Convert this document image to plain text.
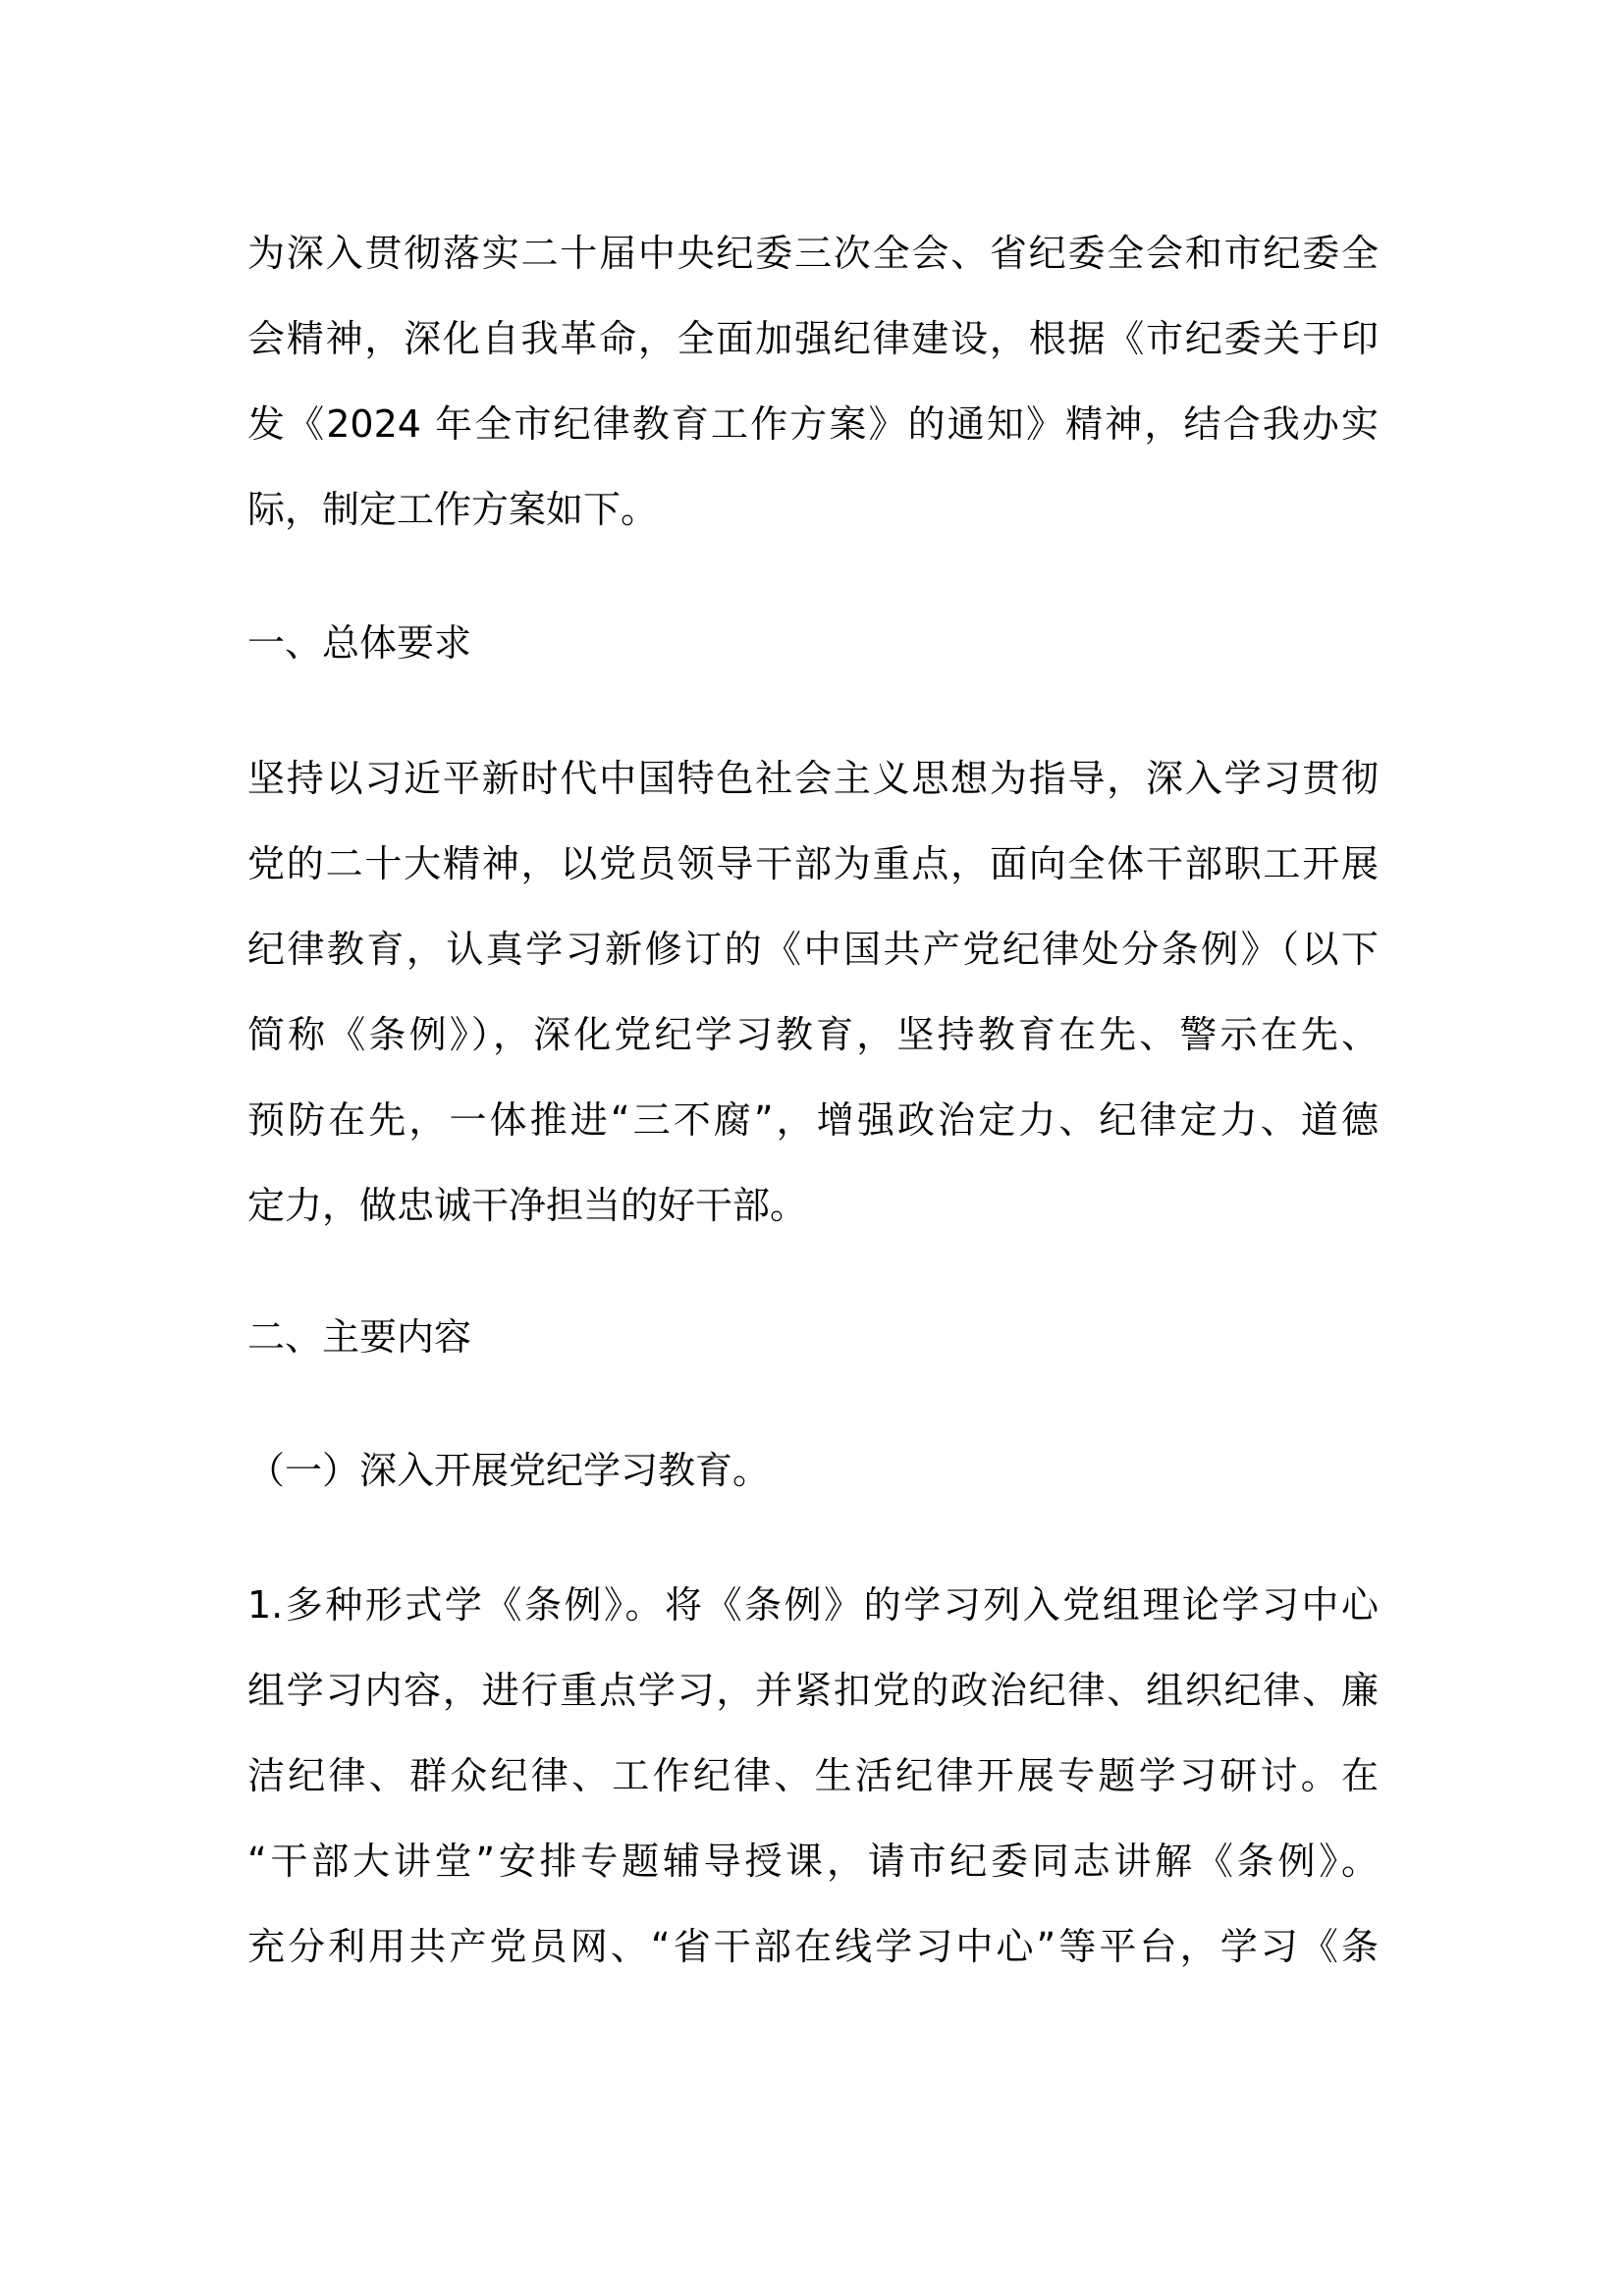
为深入贯彻落实二十届中央纪委三次全会、省纪委全会和市纪委全
会精神，深化自我革命，全面加强纪律建设，根据《市纪委关于印
发《2024 年全市纪律教育工作方案》的通知》精神，结合我办实
际，制定工作方案如下。
一、总体要求
坚持以习近平新时代中国特色社会主义思想为指导，深入学习贯彻
党的二十大精神，以党员领导干部为重点，面向全体干部职工开展
纪律教育，认真学习新修订的《中国共产党纪律处分条例》（以下
简称《条例》），深化党纪学习教育，坚持教育在先、警示在先、
预防在先，一体推进“三不腐”，增强政治定力、纪律定力、道德
定力，做忠诚干净担当的好干部。
二、主要内容
（一）深入开展党纪学习教育。
1.多种形式学《条例》。将《条例》的学习列入党组理论学习中心
组学习内容，进行重点学习，并紧扣党的政治纪律、组织纪律、廉
洁纪律、群众纪律、工作纪律、生活纪律开展专题学习研讨。在
“干部大讲堂”安排专题辅导授课，请市纪委同志讲解《条例》。
充分利用共产党员网、“省干部在线学习中心”等平台，学习《条
